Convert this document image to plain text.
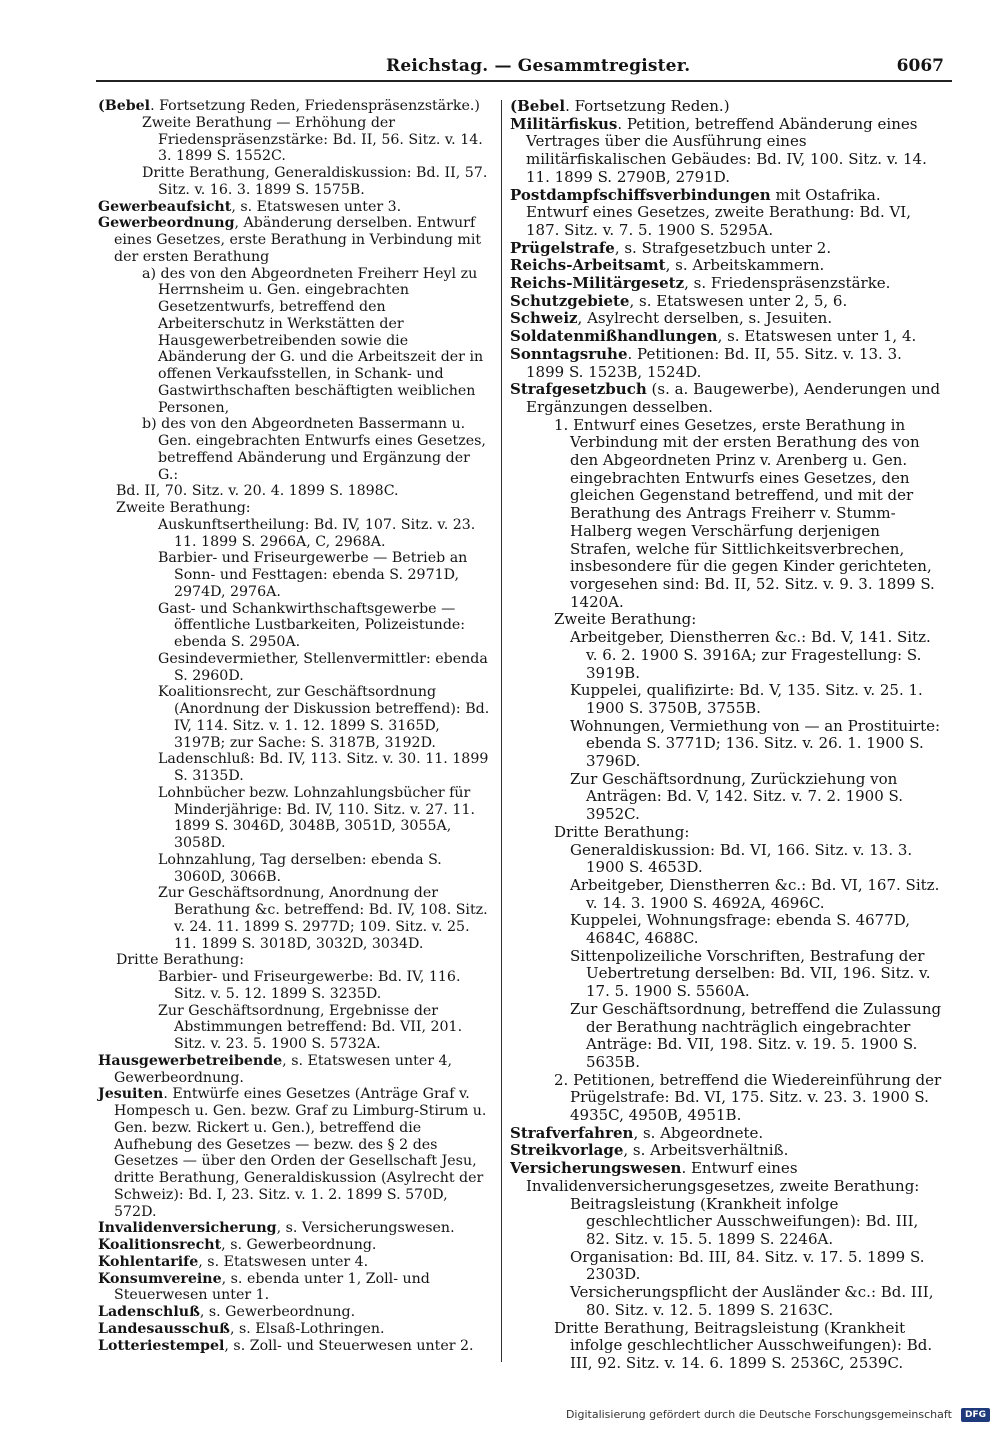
Reichstag. — Gesammtregister.	6067

(Bebel. Fortsetzung Reden, Friedenspräsenzstärke.)

Zweite Berathung — Erhöhung der Friedenspräsenzstärke: Bd. II, 56. Sitz. v. 14. 3. 1899 S. 1552C.

Dritte Berathung, Generaldiskussion: Bd. II, 57. Sitz. v. 16. 3. 1899 S. 1575B.

Gewerbeaufsicht, s. Etatswesen unter 3.

Gewerbeordnung, Abänderung derselben. Entwurf eines Gesetzes, erste Berathung in Verbindung mit der ersten Berathung

a) des von den Abgeordneten Freiherr Heyl zu Herrnsheim u. Gen. eingebrachten Gesetzentwurfs, betreffend den Arbeiterschutz in Werkstätten der Hausgewerbetreibenden sowie die Abänderung der G. und die Arbeitszeit der in offenen Verkaufsstellen, in Schank- und Gastwirthschaften beschäftigten weiblichen Personen,

b) des von den Abgeordneten Bassermann u. Gen. eingebrachten Entwurfs eines Gesetzes, betreffend Abänderung und Ergänzung der G.:

Bd. II, 70. Sitz. v. 20. 4. 1899 S. 1898C.

Zweite Berathung:

Auskunftsertheilung: Bd. IV, 107. Sitz. v. 23. 11. 1899 S. 2966A, C, 2968A.

Barbier- und Friseurgewerbe — Betrieb an Sonn- und Festtagen: ebenda S. 2971D, 2974D, 2976A.

Gast- und Schankwirthschaftsgewerbe — öffentliche Lustbarkeiten, Polizeistunde: ebenda S. 2950A.

Gesindevermiether, Stellenvermittler: ebenda S. 2960D.

Koalitionsrecht, zur Geschäftsordnung (Anordnung der Diskussion betreffend): Bd. IV, 114. Sitz. v. 1. 12. 1899 S. 3165D, 3197B; zur Sache: S. 3187B, 3192D.

Ladenschluß: Bd. IV, 113. Sitz. v. 30. 11. 1899 S. 3135D.

Lohnbücher bezw. Lohnzahlungsbücher für Minderjährige: Bd. IV, 110. Sitz. v. 27. 11. 1899 S. 3046D, 3048B, 3051D, 3055A, 3058D.

Lohnzahlung, Tag derselben: ebenda S. 3060D, 3066B.

Zur Geschäftsordnung, Anordnung der Berathung &c. betreffend: Bd. IV, 108. Sitz. v. 24. 11. 1899 S. 2977D; 109. Sitz. v. 25. 11. 1899 S. 3018D, 3032D, 3034D.

Dritte Berathung:

Barbier- und Friseurgewerbe: Bd. IV, 116. Sitz. v. 5. 12. 1899 S. 3235D.

Zur Geschäftsordnung, Ergebnisse der Abstimmungen betreffend: Bd. VII, 201. Sitz. v. 23. 5. 1900 S. 5732A.

Hausgewerbetreibende, s. Etatswesen unter 4, Gewerbeordnung.

Jesuiten. Entwürfe eines Gesetzes (Anträge Graf v. Hompesch u. Gen. bezw. Graf zu Limburg-Stirum u. Gen. bezw. Rickert u. Gen.), betreffend die Aufhebung des Gesetzes — bezw. des § 2 des Gesetzes — über den Orden der Gesellschaft Jesu, dritte Berathung, Generaldiskussion (Asylrecht der Schweiz): Bd. I, 23. Sitz. v. 1. 2. 1899 S. 570D, 572D.

Invalidenversicherung, s. Versicherungswesen.

Koalitionsrecht, s. Gewerbeordnung.

Kohlentarife, s. Etatswesen unter 4.

Konsumvereine, s. ebenda unter 1, Zoll- und Steuerwesen unter 1.

Ladenschluß, s. Gewerbeordnung.

Landesausschuß, s. Elsaß-Lothringen.

Lotteriestempel, s. Zoll- und Steuerwesen unter 2.

(Bebel. Fortsetzung Reden.)

Militärfiskus. Petition, betreffend Abänderung eines Vertrages über die Ausführung eines militärfiskalischen Gebäudes: Bd. IV, 100. Sitz. v. 14. 11. 1899 S. 2790B, 2791D.

Postdampfschiffsverbindungen mit Ostafrika. Entwurf eines Gesetzes, zweite Berathung: Bd. VI, 187. Sitz. v. 7. 5. 1900 S. 5295A.

Prügelstrafe, s. Strafgesetzbuch unter 2.

Reichs-Arbeitsamt, s. Arbeitskammern.

Reichs-Militärgesetz, s. Friedenspräsenzstärke.

Schutzgebiete, s. Etatswesen unter 2, 5, 6.

Schweiz, Asylrecht derselben, s. Jesuiten.

Soldatenmißhandlungen, s. Etatswesen unter 1, 4.

Sonntagsruhe. Petitionen: Bd. II, 55. Sitz. v. 13. 3. 1899 S. 1523B, 1524D.

Strafgesetzbuch (s. a. Baugewerbe), Aenderungen und Ergänzungen desselben.

1. Entwurf eines Gesetzes, erste Berathung in Verbindung mit der ersten Berathung des von den Abgeordneten Prinz v. Arenberg u. Gen. eingebrachten Entwurfs eines Gesetzes, den gleichen Gegenstand betreffend, und mit der Berathung des Antrags Freiherr v. Stumm-Halberg wegen Verschärfung derjenigen Strafen, welche für Sittlichkeitsverbrechen, insbesondere für die gegen Kinder gerichteten, vorgesehen sind: Bd. II, 52. Sitz. v. 9. 3. 1899 S. 1420A.

Zweite Berathung:

Arbeitgeber, Dienstherren &c.: Bd. V, 141. Sitz. v. 6. 2. 1900 S. 3916A; zur Fragestellung: S. 3919B.

Kuppelei, qualifizirte: Bd. V, 135. Sitz. v. 25. 1. 1900 S. 3750B, 3755B.

Wohnungen, Vermiethung von — an Prostituirte: ebenda S. 3771D; 136. Sitz. v. 26. 1. 1900 S. 3796D.

Zur Geschäftsordnung, Zurückziehung von Anträgen: Bd. V, 142. Sitz. v. 7. 2. 1900 S. 3952C.

Dritte Berathung:

Generaldiskussion: Bd. VI, 166. Sitz. v. 13. 3. 1900 S. 4653D.

Arbeitgeber, Dienstherren &c.: Bd. VI, 167. Sitz. v. 14. 3. 1900 S. 4692A, 4696C.

Kuppelei, Wohnungsfrage: ebenda S. 4677D, 4684C, 4688C.

Sittenpolizeiliche Vorschriften, Bestrafung der Uebertretung derselben: Bd. VII, 196. Sitz. v. 17. 5. 1900 S. 5560A.

Zur Geschäftsordnung, betreffend die Zulassung der Berathung nachträglich eingebrachter Anträge: Bd. VII, 198. Sitz. v. 19. 5. 1900 S. 5635B.

2. Petitionen, betreffend die Wiedereinführung der Prügelstrafe: Bd. VI, 175. Sitz. v. 23. 3. 1900 S. 4935C, 4950B, 4951B.

Strafverfahren, s. Abgeordnete.

Streikvorlage, s. Arbeitsverhältniß.

Versicherungswesen. Entwurf eines Invalidenversicherungsgesetzes, zweite Berathung:

Beitragsleistung (Krankheit infolge geschlechtlicher Ausschweifungen): Bd. III, 82. Sitz. v. 15. 5. 1899 S. 2246A.

Organisation: Bd. III, 84. Sitz. v. 17. 5. 1899 S. 2303D.

Versicherungspflicht der Ausländer &c.: Bd. III, 80. Sitz. v. 12. 5. 1899 S. 2163C.

Dritte Berathung, Beitragsleistung (Krankheit infolge geschlechtlicher Ausschweifungen): Bd. III, 92. Sitz. v. 14. 6. 1899 S. 2536C, 2539C.

Digitalisierung gefördert durch die Deutsche Forschungsgemeinschaft DFG
